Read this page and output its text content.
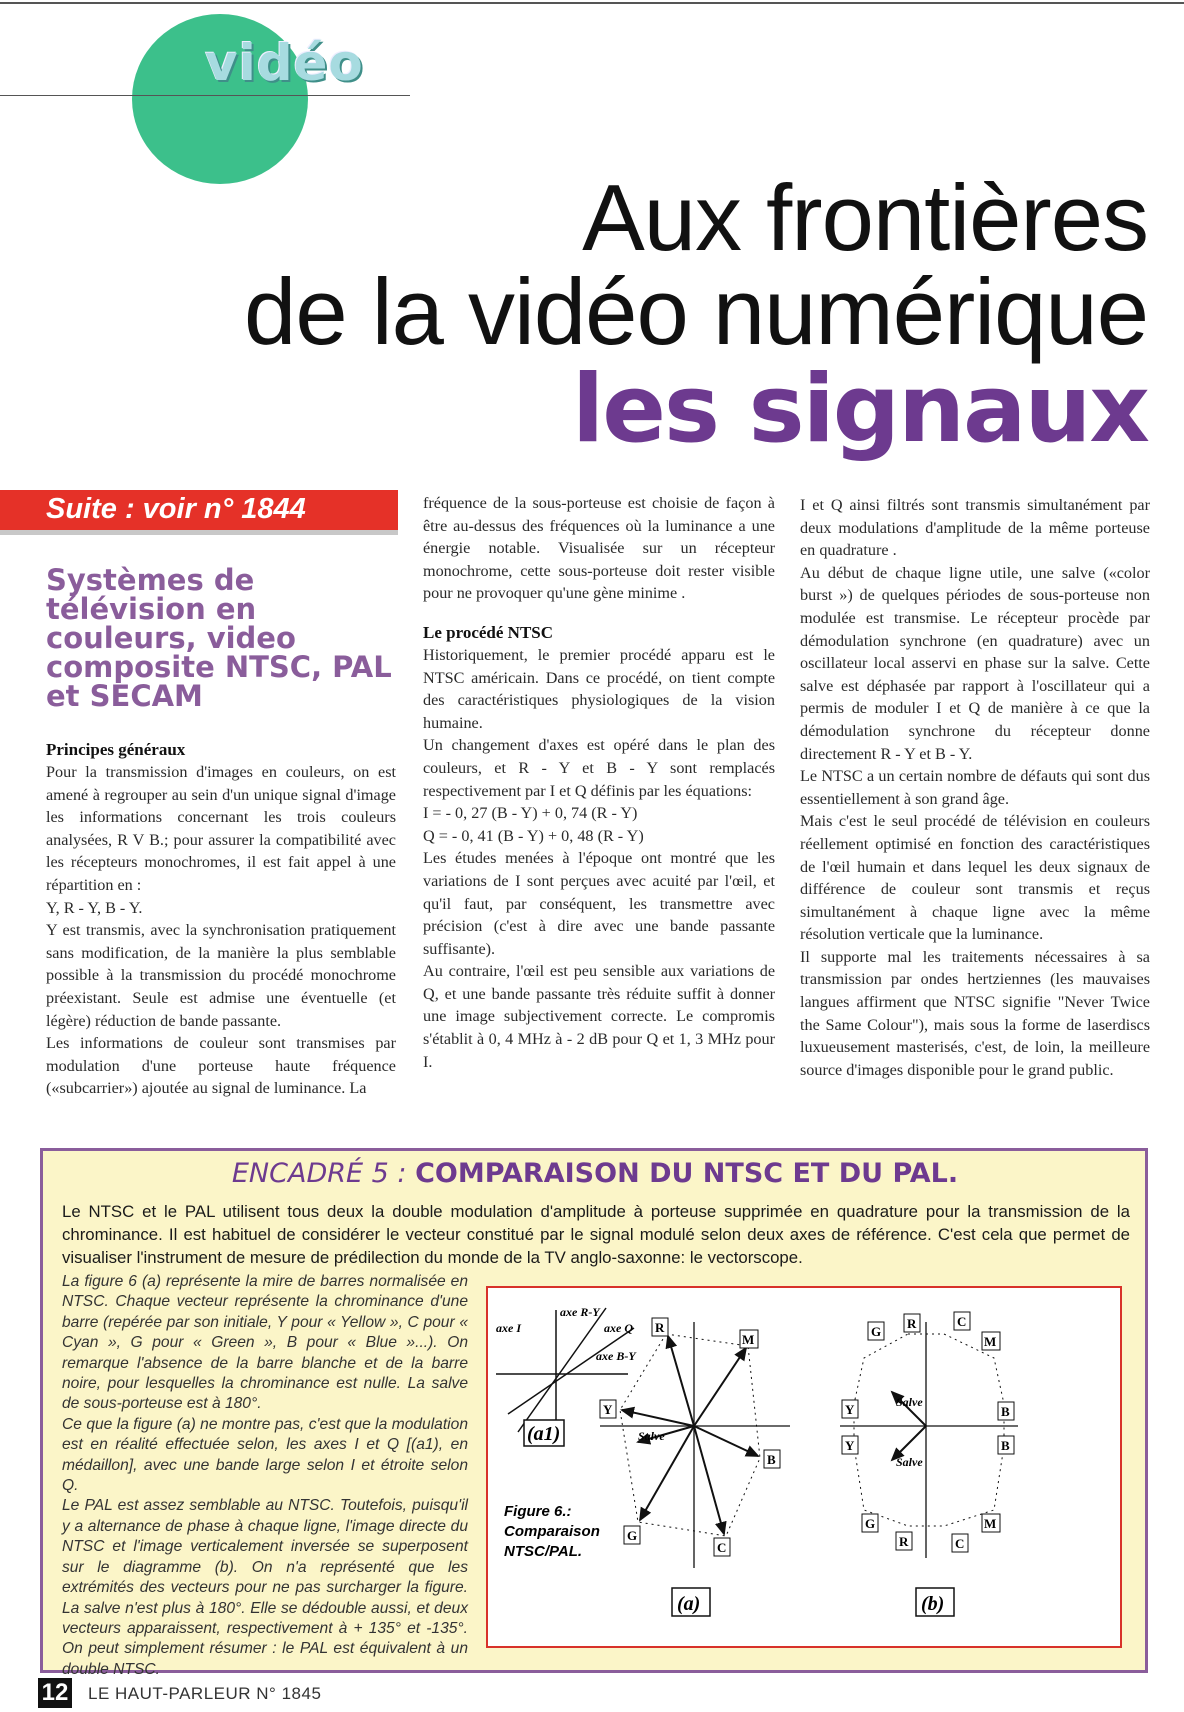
vidéo
Aux frontières
de la vidéo numérique
les signaux
Suite : voir n° 1844
Systèmes de télévision en couleurs, video composite NTSC, PAL et SECAM
Principes généraux

Pour la transmission d'images en couleurs, on est amené à regrouper au sein d'un unique signal d'image les informations concernant les trois couleurs analysées, R V B.; pour assurer la compatibilité avec les récepteurs monochromes, il est fait appel à une répartition en :

Y, R - Y, B - Y.

Y est transmis, avec la synchronisation pratiquement sans modification, de la manière la plus semblable possible à la transmission du procédé monochrome préexistant. Seule est admise une éventuelle (et légère) réduction de bande passante.

Les informations de couleur sont transmises par modulation d'une porteuse haute fréquence («subcarrier») ajoutée au signal de luminance. La

fréquence de la sous-porteuse est choisie de façon à être au-dessus des fréquences où la luminance a une énergie notable. Visualisée sur un récepteur monochrome, cette sous-porteuse doit rester visible pour ne provoquer qu'une gène minime .

Le procédé NTSC

Historiquement, le premier procédé apparu est le NTSC américain. Dans ce procédé, on tient compte des caractéristiques physiologiques de la vision humaine.

Un changement d'axes est opéré dans le plan des couleurs, et R - Y et B - Y sont remplacés respectivement par I et Q définis par les équations:

I = - 0, 27 (B - Y) + 0, 74 (R - Y)

Q = - 0, 41 (B - Y) + 0, 48 (R - Y)

Les études menées à l'époque ont montré que les variations de I sont perçues avec acuité par l'œil, et qu'il faut, par conséquent, les transmettre avec précision (c'est à dire avec une bande passante suffisante).

Au contraire, l'œil est peu sensible aux variations de Q, et une bande passante très réduite suffit à donner une image subjectivement correcte. Le compromis s'établit à 0, 4 MHz à - 2 dB pour Q et 1, 3 MHz pour I.

I et Q ainsi filtrés sont transmis simultanément par deux modulations d'amplitude de la même porteuse en quadrature .

Au début de chaque ligne utile, une salve («color burst ») de quelques périodes de sous-porteuse non modulée est transmise. Le récepteur procède par démodulation synchrone (en quadrature) avec un oscillateur local asservi en phase sur la salve. Cette salve est déphasée par rapport à l'oscillateur qui a permis de moduler I et Q de manière à ce que la démodulation synchrone du récepteur donne directement R - Y et B - Y.

Le NTSC a un certain nombre de défauts qui sont dus essentiellement à son grand âge.

Mais c'est le seul procédé de télévision en couleurs réellement optimisé en fonction des caractéristiques de l'œil humain et dans lequel les deux signaux de différence de couleur sont transmis et reçus simultanément à chaque ligne avec la même résolution verticale que la luminance.

Il supporte mal les traitements nécessaires à sa transmission par ondes hertziennes (les mauvaises langues affirment que NTSC signifie "Never Twice the Same Colour"), mais sous la forme de laserdiscs luxueusement masterisés, c'est, de loin, la meilleure source d'images disponible pour le grand public.

ENCADRÉ 5 : COMPARAISON DU NTSC ET DU PAL.
Le NTSC et le PAL utilisent tous deux la double modulation d'amplitude à porteuse supprimée en quadrature pour la transmission de la chrominance. Il est habituel de considérer le vecteur constitué par le signal modulé selon deux axes de référence. C'est cela que permet de visualiser l'instrument de mesure de prédilection du monde de la TV anglo-saxonne: le vectorscope.

La figure 6 (a) représente la mire de barres normalisée en NTSC. Chaque vecteur représente la chrominance d'une barre (repérée par son initiale, Y pour « Yellow », C pour « Cyan », G pour « Green », B pour « Blue »...). On remarque l'absence de la barre blanche et de la barre noire, pour lesquelles la chrominance est nulle. La salve de sous-porteuse est à 180°.

Ce que la figure (a) ne montre pas, c'est que la modulation est en réalité effectuée selon, les axes I et Q [(a1), en médaillon], avec une bande large selon I et étroite selon Q.

Le PAL est assez semblable au NTSC. Toutefois, puisqu'il y a alternance de phase à chaque ligne, l'image directe du NTSC et l'image verticalement inversée se superposent sur le diagramme (b). On n'a représenté que les extrémités des vecteurs pour ne pas surcharger la figure. La salve n'est plus à 180°. Elle se dédouble aussi, et deux vecteurs apparaissent, respectivement à + 135° et -135°. On peut simplement résumer : le PAL est équivalent à un double NTSC.

axe I
axe R-Y
axe Q
axe B-Y
(a1)
Figure 6.:
Comparaison
NTSC/PAL.
Salve
R
M
Y
B
G
C
(a)
Salve
Salve
R	C
G
M
Y
Y
B
B
G	M
R	C
(b)
12 LE HAUT-PARLEUR N° 1845
